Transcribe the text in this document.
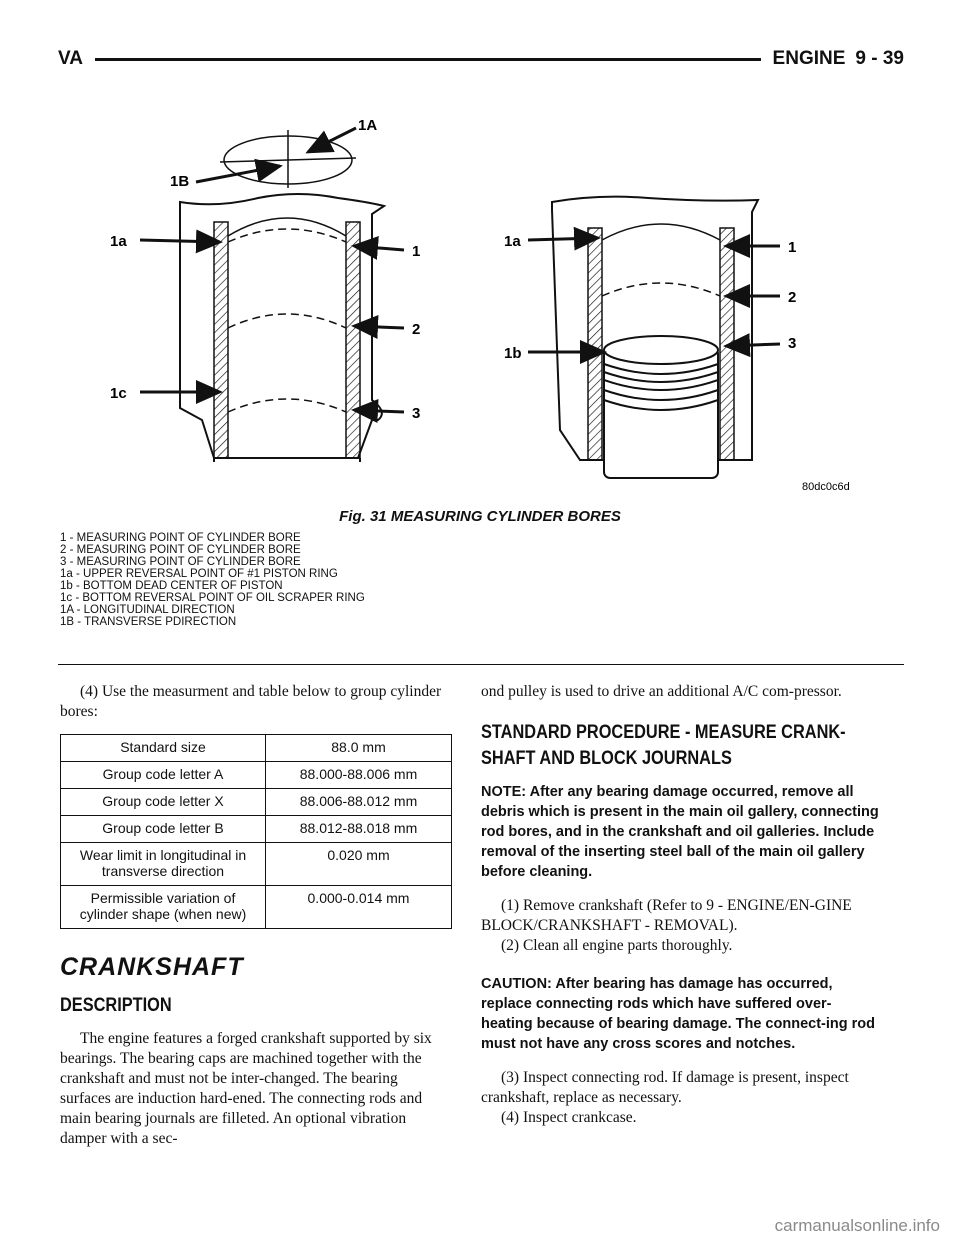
VA	ENGINE 9 - 39
1A
1B
1a
1c
1
2
3
1a
1b
1
2
3
80dc0c6d
Fig. 31 MEASURING CYLINDER BORES
1 - MEASURING POINT OF CYLINDER BORE
2 - MEASURING POINT OF CYLINDER BORE
3 - MEASURING POINT OF CYLINDER BORE
1a - UPPER REVERSAL POINT OF #1 PISTON RING
1b - BOTTOM DEAD CENTER OF PISTON
1c - BOTTOM REVERSAL POINT OF OIL SCRAPER RING
1A - LONGITUDINAL DIRECTION
1B - TRANSVERSE PDIRECTION

(4) Use the measurment and table below to group cylinder bores:

Standard size	88.0 mm
Group code letter A	88.000-88.006 mm
Group code letter X	88.006-88.012 mm
Group code letter B	88.012-88.018 mm
Wear limit in longitudinal in transverse direction	0.020 mm
Permissible variation of cylinder shape (when new)	0.000-0.014 mm
CRANKSHAFT
DESCRIPTION

The engine features a forged crankshaft supported by six bearings. The bearing caps are machined together with the crankshaft and must not be inter-changed. The bearing surfaces are induction hard-ened. The connecting rods and main bearing journals are filleted. An optional vibration damper with a sec-

ond pulley is used to drive an additional A/C com-pressor.

STANDARD PROCEDURE - MEASURE CRANK-
SHAFT AND BLOCK JOURNALS

NOTE: After any bearing damage occurred, remove all debris which is present in the main oil gallery, connecting rod bores, and in the crankshaft and oil galleries. Include removal of the inserting steel ball of the main oil gallery before cleaning.

(1) Remove crankshaft (Refer to 9 - ENGINE/EN-GINE BLOCK/CRANKSHAFT - REMOVAL).

(2) Clean all engine parts thoroughly.

CAUTION: After bearing has damage has occurred, replace connecting rods which have suffered over-heating because of bearing damage. The connect-ing rod must not have any cross scores and notches.

(3) Inspect connecting rod. If damage is present, inspect crankshaft, replace as necessary.

(4) Inspect crankcase.

carmanualsonline.info
